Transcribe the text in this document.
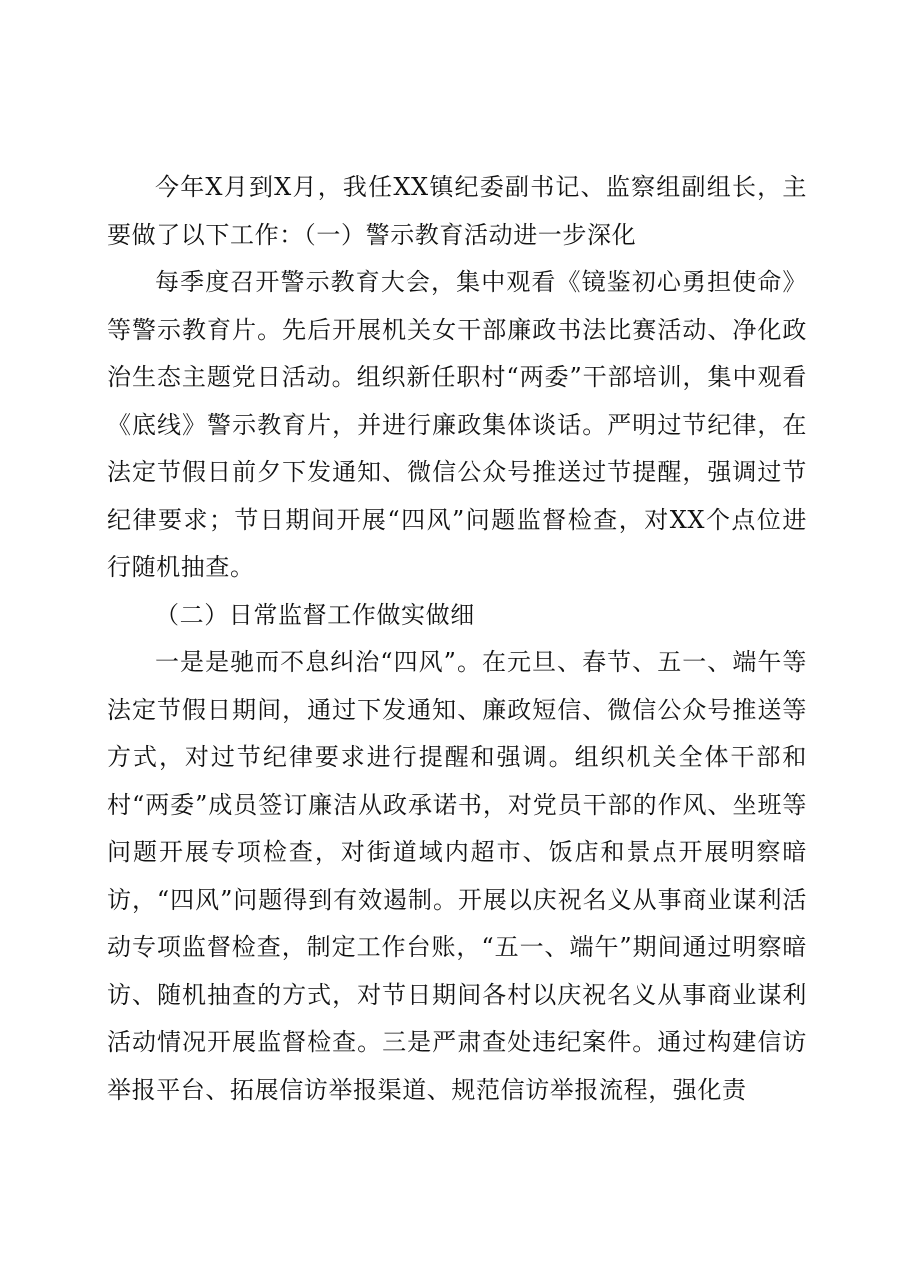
今年X月到X月，我任XX镇纪委副书记、监察组副组长，主要做了以下工作：（一）警示教育活动进一步深化

每季度召开警示教育大会，集中观看《镜鉴初心勇担使命》等警示教育片。先后开展机关女干部廉政书法比赛活动、净化政治生态主题党日活动。组织新任职村“两委”干部培训，集中观看《底线》警示教育片，并进行廉政集体谈话。严明过节纪律，在法定节假日前夕下发通知、微信公众号推送过节提醒，强调过节纪律要求；节日期间开展“四风”问题监督检查，对XX个点位进行随机抽查。

（二）日常监督工作做实做细

一是是驰而不息纠治“四风”。在元旦、春节、五一、端午等法定节假日期间，通过下发通知、廉政短信、微信公众号推送等方式，对过节纪律要求进行提醒和强调。组织机关全体干部和村“两委”成员签订廉洁从政承诺书，对党员干部的作风、坐班等问题开展专项检查，对街道域内超市、饭店和景点开展明察暗访，“四风”问题得到有效遏制。开展以庆祝名义从事商业谋利活动专项监督检查，制定工作台账，“五一、端午”期间通过明察暗访、随机抽查的方式，对节日期间各村以庆祝名义从事商业谋利活动情况开展监督检查。三是严肃查处违纪案件。通过构建信访举报平台、拓展信访举报渠道、规范信访举报流程，强化责
